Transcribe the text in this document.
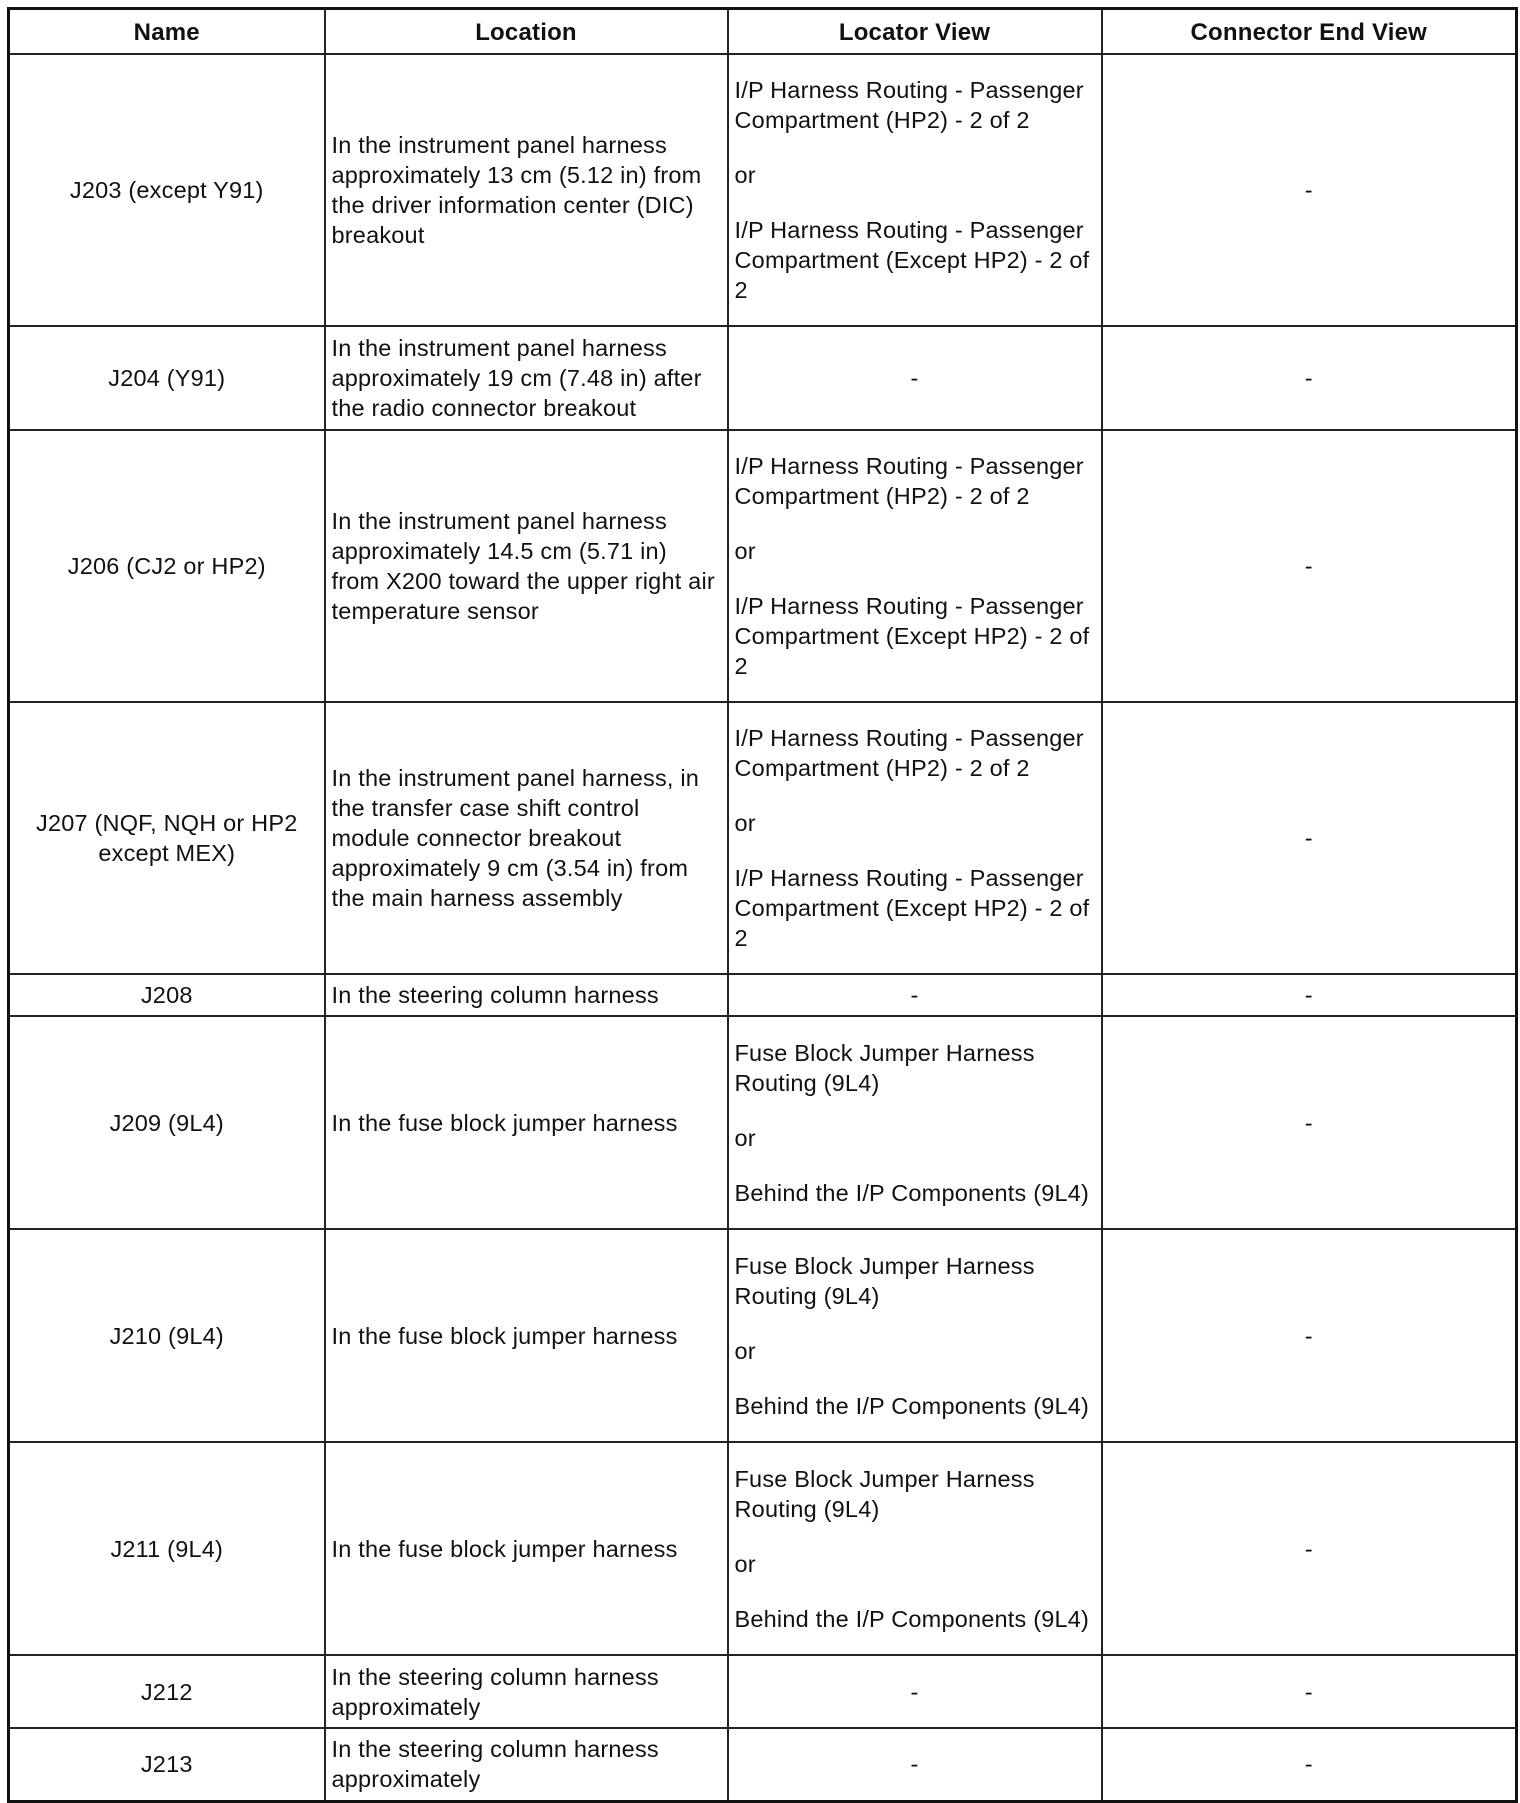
Name	Location	Locator View	Connector End View
J203 (except Y91)	In the instrument panel harness approximately 13 cm (5.12 in) from the driver information center (DIC) breakout	I/P Harness Routing - Passenger Compartment (HP2) - 2 of 2
or
I/P Harness Routing - Passenger Compartment (Except HP2) - 2 of 2	-
J204 (Y91)	In the instrument panel harness approximately 19 cm (7.48 in) after the radio connector breakout	-	-
J206 (CJ2 or HP2)	In the instrument panel harness approximately 14.5 cm (5.71 in) from X200 toward the upper right air temperature sensor	I/P Harness Routing - Passenger Compartment (HP2) - 2 of 2
or
I/P Harness Routing - Passenger Compartment (Except HP2) - 2 of 2	-
J207 (NQF, NQH or HP2 except MEX)	In the instrument panel harness, in the transfer case shift control module connector breakout approximately 9 cm (3.54 in) from the main harness assembly	I/P Harness Routing - Passenger Compartment (HP2) - 2 of 2
or
I/P Harness Routing - Passenger Compartment (Except HP2) - 2 of 2	-
J208	In the steering column harness	-	-
J209 (9L4)	In the fuse block jumper harness	Fuse Block Jumper Harness Routing (9L4)
or
Behind the I/P Components (9L4)	-
J210 (9L4)	In the fuse block jumper harness	Fuse Block Jumper Harness Routing (9L4)
or
Behind the I/P Components (9L4)	-
J211 (9L4)	In the fuse block jumper harness	Fuse Block Jumper Harness Routing (9L4)
or
Behind the I/P Components (9L4)	-
J212	In the steering column harness approximately	-	-
J213	In the steering column harness approximately	-	-
